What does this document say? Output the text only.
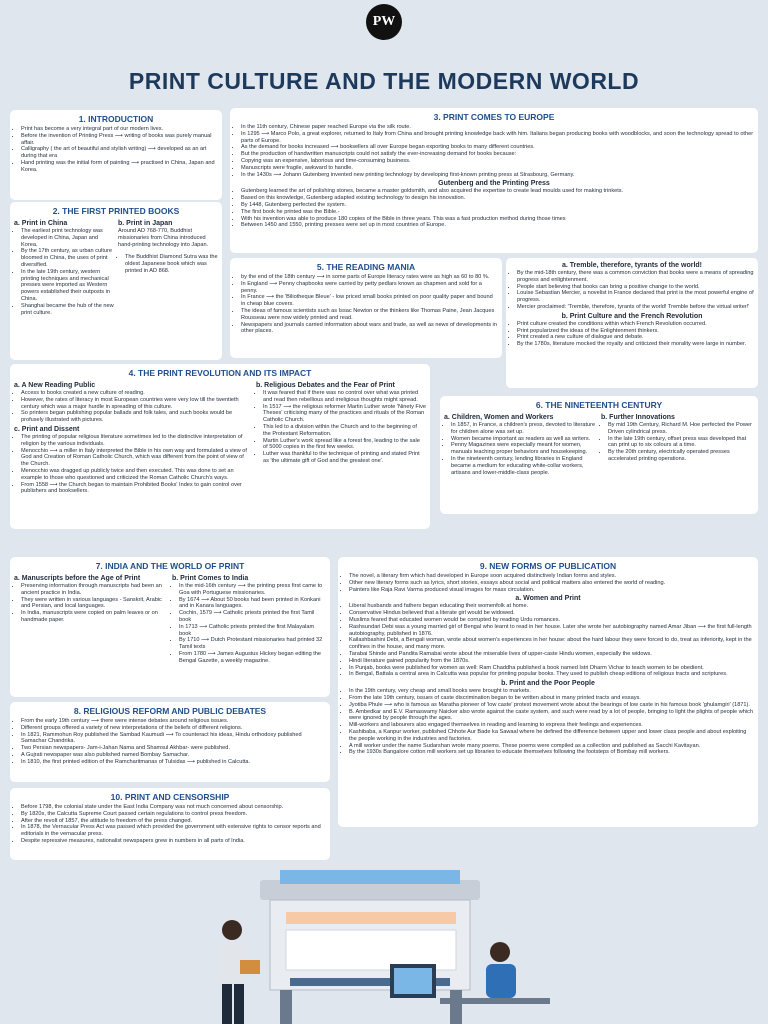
PW
PRINT CULTURE AND THE MODERN WORLD
1. INTRODUCTION
• Print has become a very integral part of our modern lives.
• Before the invention of Printing Press ⟶ writing of books was purely manual affair.
• Calligraphy ( the art of beautiful and stylish writing) ⟶ developed as an art during that era
• Hand printing was the initial form of painting ⟶ practised in China, Japan and Korea.
3. PRINT COMES TO EUROPE
• In the 11th century, Chinese paper reached Europe via the silk route.
• In 1295 ⟶ Marco Polo, a great explorer, returned to Italy from China and brought printing knowledge back with him. Italians began producing books with woodblocks, and soon the technology spread to other parts of Europe.
• As the demand for books increased ⟶ booksellers all over Europe began exporting books to many different countries.
• But the production of handwritten manuscripts could not satisfy the ever-increasing demand for books because:
• Copying was an expensive, laborious and time-consuming business.
• Manuscripts were fragile, awkward to handle.
• In the 1430s ⟶ Johann Gutenberg invented new printing technology by developing first-known printing press at Strasbourg, Germany.
Gutenberg and the Printing Press
• Gutenberg learned the art of polishing stones, became a master goldsmith, and also acquired the expertise to create lead moulds used for making trinkets.
• Based on this knowledge, Gutenberg adapted existing technology to design his innovation.
• By 1448, Gutenberg perfected the system.
• The first book he printed was the Bible.-
• With his invention was able to produce 180 copies of the Bible in three years. This was a fast production method during those times
• Between 1450 and 1550, printing presses were set up in most countries of Europe.
2. THE FIRST PRINTED BOOKS
a. Print in China
• The earliest print technology was developed in China, Japan and Korea.
• By the 17th century, as urban culture bloomed in China, the uses of print diversified.
• In the late 19th century, western printing techniques and mechanical presses were imported as Western powers established their outposts in China.
• Shanghai became the hub of the new print culture.
b. Print in Japan

Around AD 768-770, Buddhist missionaries from China introduced hand-printing technology into Japan.

• The Buddhist Diamond Sutra was the oldest Japanese book which was printed in AD 868.	5. THE READING MANIA
• by the end of the 18th century ⟶ in some parts of Europe literacy rates were as high as 60 to 80 %.
• In England ⟶ Penny chapbooks were carried by petty pedlars known as chapmen and sold for a penny.
• In France ⟶ the 'Biliotheque Bleue' - low priced small books printed on poor quality paper and bound in cheap blue covers.
• The ideas of famous scientists such as Issac Newton or the thinkers like Thomas Paine, Jean Jacques Rousseau were now widely printed and read.
• Newspapers and journals carried information about wars and trade, as well as news of developments in other places.
a. Tremble, therefore, tyrants of the world!
• By the mid-18th century, there was a common conviction that books were a means of spreading progress and enlightenment.
• People start believing that books can bring a positive change to the world.
• Louise Sebastian Mercier, a novelist in France declared that print is the most powerful engine of progress.
• Mercier proclaimed: 'Tremble, therefore, tyrants of the world! Tremble before the virtual writer!'
b. Print Culture and the French Revolution
• Print culture created the conditions within which French Revolution occurred.
• Print popularized the ideas of the Enlightenment thinkers.
• Print created a new culture of dialogue and debate.
• By the 1780s, literature mocked the royalty and criticized their morality were large in number.
4. THE PRINT REVOLUTION AND ITS IMPACT
a. A New Reading Public
• Access to books created a new culture of reading.
• However, the rates of literacy in most European countries were very low till the twentieth century which was a major hurdle in spreading of this culture.
• So printers began publishing popular ballads and folk tales, and such books would be profusely illustrated with pictures.
c. Print and Dissent
• The printing of popular religious literature sometimes led to the distinctive interpretation of religion by the various individuals.
• Menocchio ⟶ a miller in Italy interpreted the Bible in his own way and formulated a view of God and Creation of Roman Catholic Church, which was different from the point of view of the Church.
• Menocchio was dragged up publicly twice and then executed. This was done to set an example to those who questioned and criticized the Roman Catholic Church's ways.
• From 1558 ⟶ the Church began to maintain Prohibited Books' Index to gain control over publishers and booksellers.
b. Religious Debates and the Fear of Print
• It was feared that if there was no control over what was printed and read then rebellious and irreligious thoughts might spread.
• In 1517 ⟶ the religious reformer Martin Luther wrote 'Ninety Five Theses' criticising many of the practices and rituals of the Roman Catholic Church.
• This led to a division within the Church and to the beginning of the Protestant Reformation.
• Martin Luther's work spread like a forest fire, leading to the sale of 5000 copies in the first few weeks.
• Luther was thankful to the technique of printing and stated Print as 'the ultimate gift of God and the greatest one'.
6. THE NINETEENTH CENTURY
a. Children, Women and Workers
• In 1857, in France, a children's press, devoted to literature for children alone was set up.
• Women became important as readers as well as writers.
• Penny Magazines were especially meant for women, manuals teaching proper behaviors and housekeeping.
• In the nineteenth century, lending libraries in England became a medium for educating white-collar workers, artisans and lower-middle-class people.
b. Further Innovations
• By mid 19th Century, Richard M. Hoe perfected the Power Driven cylindrical press.
• In the late 19th century, offset press was developed that can print up to six colours at a time.
• By the 20th century, electrically operated presses accelerated printing operations.
7. INDIA AND THE WORLD OF PRINT
a. Manuscripts before the Age of Print
• Preserving information through manuscripts had been an ancient practice in India.
• They were written in various languages - Sanskrit, Arabic and Persian, and local languages.
• In India, manuscripts were copied on palm leaves or on handmade paper.
b. Print Comes to India
• In the mid-16th century ⟶ the printing press first came to Goa with Portuguese missionaries.
• By 1674 ⟶ About 50 books had been printed in Konkani and in Kanara languages.
• Cochin, 1579 ⟶ Catholic priests printed the first Tamil book
• In 1713 ⟶ Catholic priests printed the first Malayalam book
• By 1710 ⟶ Dutch Protestant missionaries had printed 32 Tamil texts
• From 1780 ⟶ James Augustus Hickey began editing the Bengal Gazette, a weekly magazine.
9. NEW FORMS OF PUBLICATION
• The novel, a literary firm which had developed in Europe soon acquired distinctively Indian forms and styles.
• Other new literary forms such as lyrics, short stories, essays about social and political matters also entered the world of reading.
• Painters like Raja Ravi Varma produced visual images for mass circulation.
a. Women and Print
• Liberal husbands and fathers began educating their womenfolk at home.
• Conservative Hindus believed that a literate girl would be widowed.
• Muslims feared that educated women would be corrupted by reading Urdu romances.
• Rashsundari Debi was a young married girl of Bengal who learnt to read in her house. Later she wrote her autobiography named Amar Jiban ⟶ the first full-length autobiography, published in 1876.
• Kailashbashini Debi, a Bengali woman, wrote about women's experiences in her house: about the hard labour they were forced to do, treat as inferiority, kept in the confines in the house, and many more.
• Tarabai Shinde and Pandita Ramabai wrote about the miserable lives of upper-caste Hindu women, especially the widows.
• Hindi literature gained popularity from the 1870s.
• In Punjab, books were published for women as well: Ram Chaddha published a book named Istri Dharm Vichar to teach women to be obedient.
• In Bengal, Battala a central area in Calcutta was popular for printing popular books. They used to publish cheap editions of religious tracts and scriptures.
b. Print and the Poor People
• In the 19th century, very cheap and small books were brought to markets.
• From the late 19th century, issues of caste discrimination began to be written about in many printed tracts and essays.
• Jyotiba Phule ⟶ who is famous as Maratha pioneer of 'low caste' protest movement wrote about the bearings of low caste in his famous book 'ghulamgiri' (1871).
• B. Ambedkar and E.V. Ramaswamy Naicker also wrote against the caste system, and such were read by a lot of people, bringing to light the plights of people which were ignored by people through the ages.
• Mill-workers and labourers also engaged themselves in reading and learning to express their feelings and experiences.
• Kashibaba, a Kanpur worker, published Chhote Aur Bade ka Sawaal where he defined the difference between upper and lower class people and about exploiting the people working in the industries and factories.
• A mill worker under the name Sudarshan wrote many poems. These poems were compiled as a collection and published as Sacchi Kavitayan.
• By the 1930s Bangalore cotton mill workers set up libraries to educate themselves following the footsteps of Bombay mill workers.
8. RELIGIOUS REFORM AND PUBLIC DEBATES
• From the early 19th century ⟶ there were intense debates around religious issues.
• Different groups offered a variety of new interpretations of the beliefs of different religions.
• In 1821, Rammohun Roy published the Sambad Kaumudi ⟶ To counteract his ideas, Hindu orthodoxy published Samachar Chandrika.
• Two Persian newspapers- Jam-i-Jahan Nama and Shamsul Akhbar- were published.
• A Gujrati newspaper was also published named Bombay Samachar.
• In 1810, the first printed edition of the Ramcharitmanas of Tulsidas ⟶ published in Calcutta.
10. PRINT AND CENSORSHIP
• Before 1798, the colonial state under the East India Company was not much concerned about censorship.
• By 1820s, the Calcutta Supreme Court passed certain regulations to control press freedom.
• After the revolt of 1857, the attitude to freedom of the press changed.
• In 1878, the Vernacular Press Act was passed which provided the government with extensive rights to censor reports and editorials in the vernacular press.
• Despite repressive measures, nationalist newspapers grew in numbers in all parts of India.
